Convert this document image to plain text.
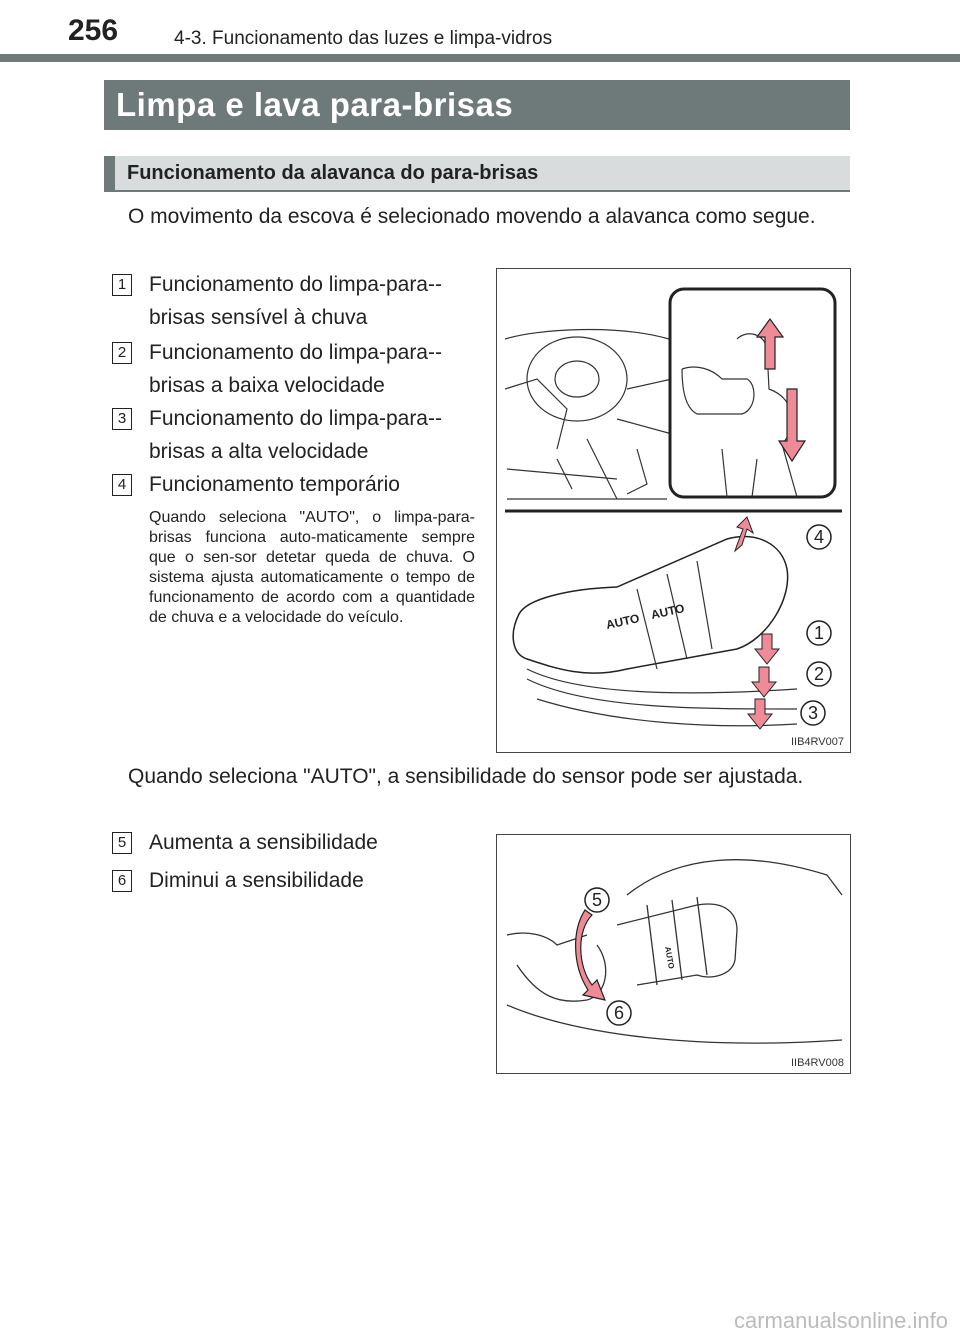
256	4-3. Funcionamento das luzes e limpa-vidros
Limpa e lava para-brisas
Funcionamento da alavanca do para-brisas
O movimento da escova é selecionado movendo a alavanca como segue.
1 Funcionamento do limpa-para--brisas sensível à chuva
2 Funcionamento do limpa-para--brisas a baixa velocidade
3 Funcionamento do limpa-para--brisas a alta velocidade
4 Funcionamento temporário
Quando seleciona "AUTO", o limpa-para-brisas funciona auto-maticamente sempre que o sen-sor detetar queda de chuva. O sistema ajusta automaticamente o tempo de funcionamento de acordo com a quantidade de chuva e a velocidade do veículo.	AUTO AUTO
4
1
2
3
IIB4RV007
Quando seleciona "AUTO", a sensibilidade do sensor pode ser ajustada.
5 Aumenta a sensibilidade
6 Diminui a sensibilidade
AUTO
5
6
IIB4RV008
carmanualsonline.info
